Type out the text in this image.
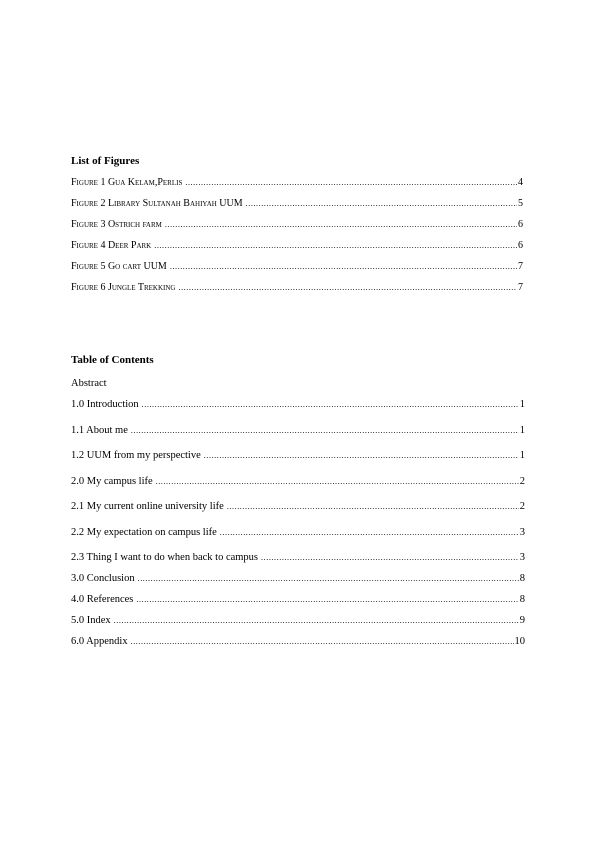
List of Figures
Figure 1 Gua Kelam,Perlis .....	4
Figure 2 Library Sultanah Bahiyah UUM .....	5
Figure 3 Ostrich farm .....	6
Figure 4 Deer Park .....	6
Figure 5 Go cart UUM .....	7
Figure 6 Jungle Trekking .....	7
Table of Contents
Abstract
1.0 Introduction .....	1
1.1 About me .....	1
1.2 UUM from my perspective .....	1
2.0 My campus life .....	2
2.1 My current online university life .....	2
2.2 My expectation on campus life .....	3
2.3 Thing I want to do when back to campus .....	3
3.0 Conclusion .....	8
4.0 References .....	8
5.0 Index .....	9
6.0 Appendix .....	10
